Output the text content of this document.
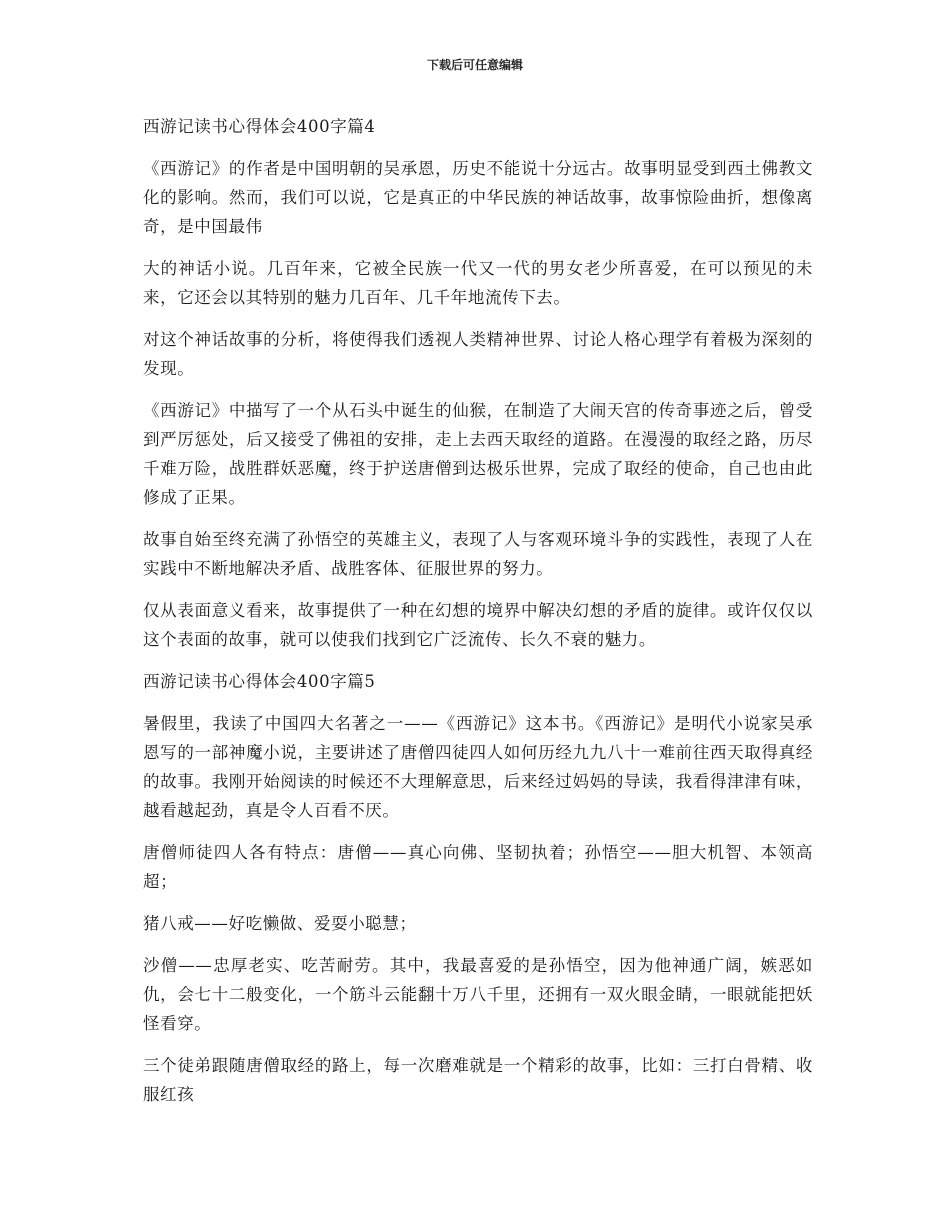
下载后可任意编辑

西游记读书心得体会400字篇4

《西游记》的作者是中国明朝的吴承恩，历史不能说十分远古。故事明显受到西土佛教文化的影响。然而，我们可以说，它是真正的中华民族的神话故事，故事惊险曲折，想像离奇，是中国最伟

大的神话小说。几百年来，它被全民族一代又一代的男女老少所喜爱，在可以预见的未来，它还会以其特别的魅力几百年、几千年地流传下去。

对这个神话故事的分析，将使得我们透视人类精神世界、讨论人格心理学有着极为深刻的发现。

《西游记》中描写了一个从石头中诞生的仙猴，在制造了大闹天宫的传奇事迹之后，曾受到严厉惩处，后又接受了佛祖的安排，走上去西天取经的道路。在漫漫的取经之路，历尽千难万险，战胜群妖恶魔，终于护送唐僧到达极乐世界，完成了取经的使命，自己也由此修成了正果。

故事自始至终充满了孙悟空的英雄主义，表现了人与客观环境斗争的实践性，表现了人在实践中不断地解决矛盾、战胜客体、征服世界的努力。

仅从表面意义看来，故事提供了一种在幻想的境界中解决幻想的矛盾的旋律。或许仅仅以这个表面的故事，就可以使我们找到它广泛流传、长久不衰的魅力。

西游记读书心得体会400字篇5

暑假里，我读了中国四大名著之一——《西游记》这本书。《西游记》是明代小说家吴承恩写的一部神魔小说，主要讲述了唐僧四徒四人如何历经九九八十一难前往西天取得真经的故事。我刚开始阅读的时候还不大理解意思，后来经过妈妈的导读，我看得津津有味，越看越起劲，真是令人百看不厌。

唐僧师徒四人各有特点：唐僧——真心向佛、坚韧执着；孙悟空——胆大机智、本领高超；

猪八戒——好吃懒做、爱耍小聪慧；

沙僧——忠厚老实、吃苦耐劳。其中，我最喜爱的是孙悟空，因为他神通广阔，嫉恶如仇，会七十二般变化，一个筋斗云能翻十万八千里，还拥有一双火眼金睛，一眼就能把妖怪看穿。

三个徒弟跟随唐僧取经的路上，每一次磨难就是一个精彩的故事，比如：三打白骨精、收服红孩
